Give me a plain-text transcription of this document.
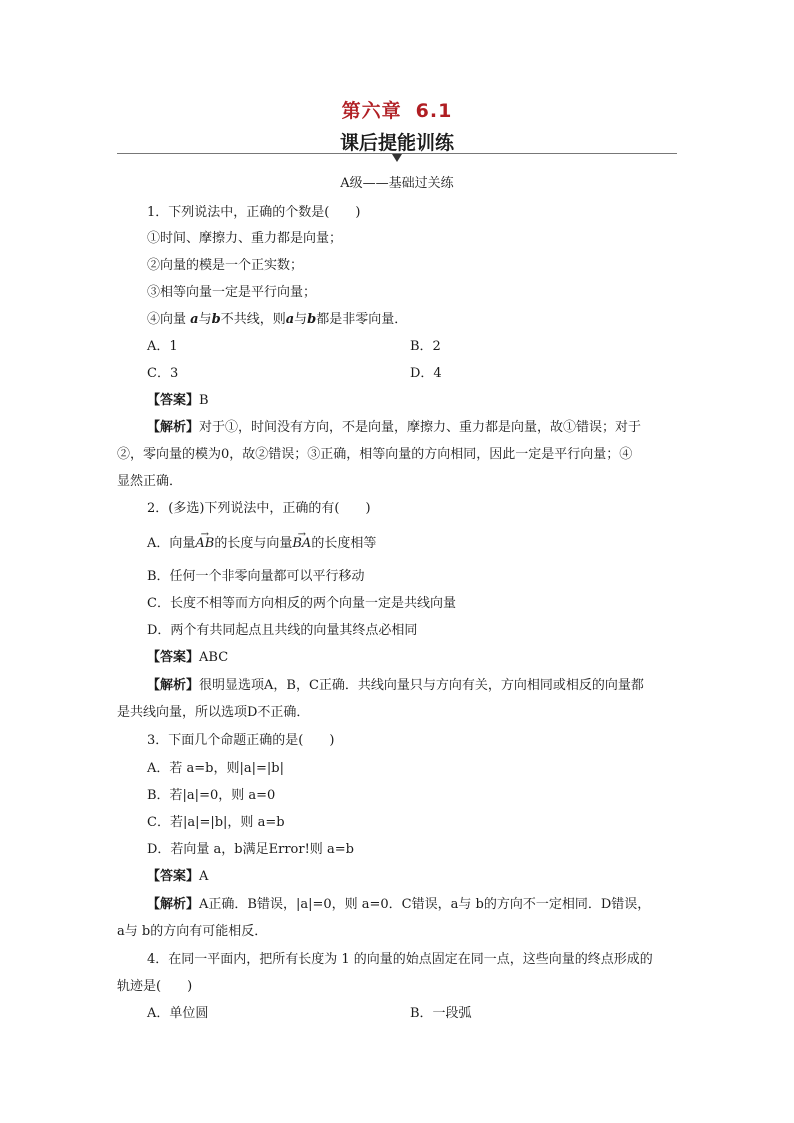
第六章 6.1
课后提能训练
A级——基础过关练
1．下列说法中，正确的个数是(　　)
①时间、摩擦力、重力都是向量；
②向量的模是一个正实数；
③相等向量一定是平行向量；
④向量 a与b不共线，则a与b都是非零向量．
A．1	B．2
C．3	D．4
【答案】B
【解析】对于①，时间没有方向，不是向量，摩擦力、重力都是向量，故①错误；对于
②，零向量的模为0，故②错误；③正确，相等向量的方向相同，因此一定是平行向量；④
显然正确．
2．(多选)下列说法中，正确的有(　　)
A．向量→ AB的长度与向量→ BA的长度相等
B．任何一个非零向量都可以平行移动
C．长度不相等而方向相反的两个向量一定是共线向量
D．两个有共同起点且共线的向量其终点必相同
【答案】ABC
【解析】很明显选项A，B，C正确．共线向量只与方向有关，方向相同或相反的向量都
是共线向量，所以选项D不正确．
3．下面几个命题正确的是(　　)
A．若 a=b，则|a|=|b|
B．若|a|=0，则 a=0
C．若|a|=|b|，则 a=b
D．若向量 a，b满足Error!则 a=b
【答案】A
【解析】A正确．B错误，|a|=0，则 a=0．C错误，a与 b的方向不一定相同．D错误，
a与 b的方向有可能相反．
4．在同一平面内，把所有长度为 1 的向量的始点固定在同一点，这些向量的终点形成的
轨迹是(　　)
A．单位圆	B．一段弧
